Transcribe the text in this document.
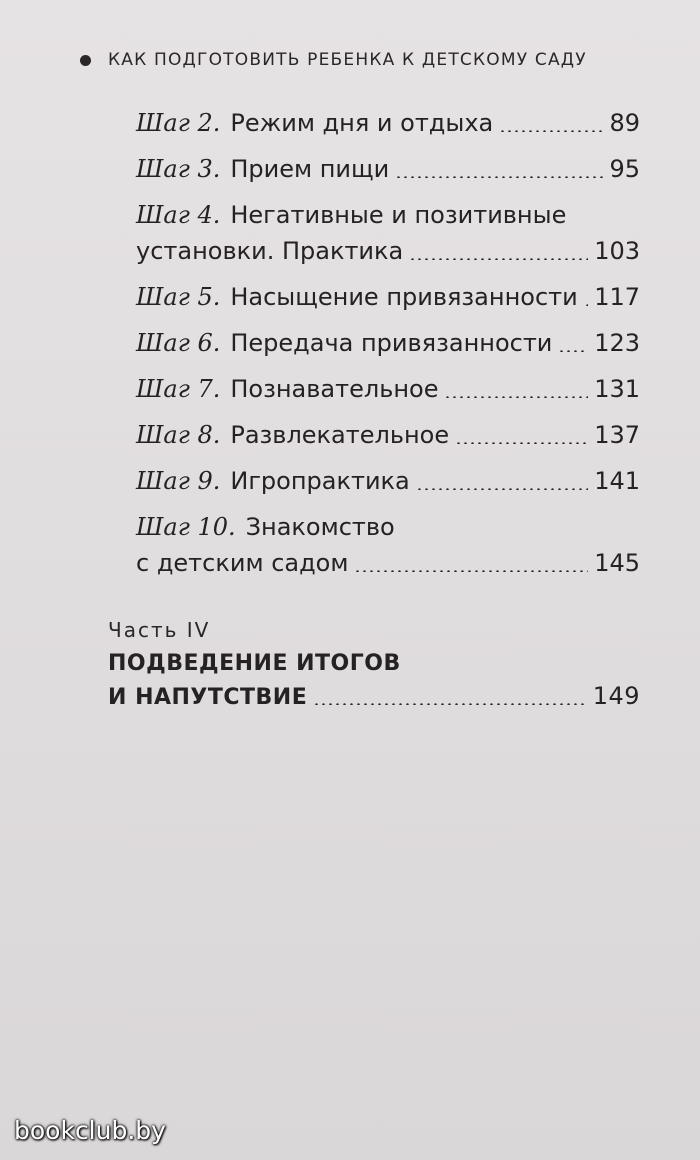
КАК ПОДГОТОВИТЬ РЕБЕНКА К ДЕТСКОМУ САДУ
Шаг 2. Режим дня и отдыха	89
Шаг 3. Прием пищи	95
Шаг 4. Негативные и позитивные
установки. Практика	103
Шаг 5. Насыщение привязанности 117
Шаг 6. Передача привязанности 123
Шаг 7. Познавательное	131
Шаг 8. Развлекательное	137
Шаг 9. Игропрактика	141
Шаг 10. Знакомство
с детским садом	145
Часть IV
ПОДВЕДЕНИЕ ИТОГОВ
И НАПУТСТВИЕ	149
bookclub.by
